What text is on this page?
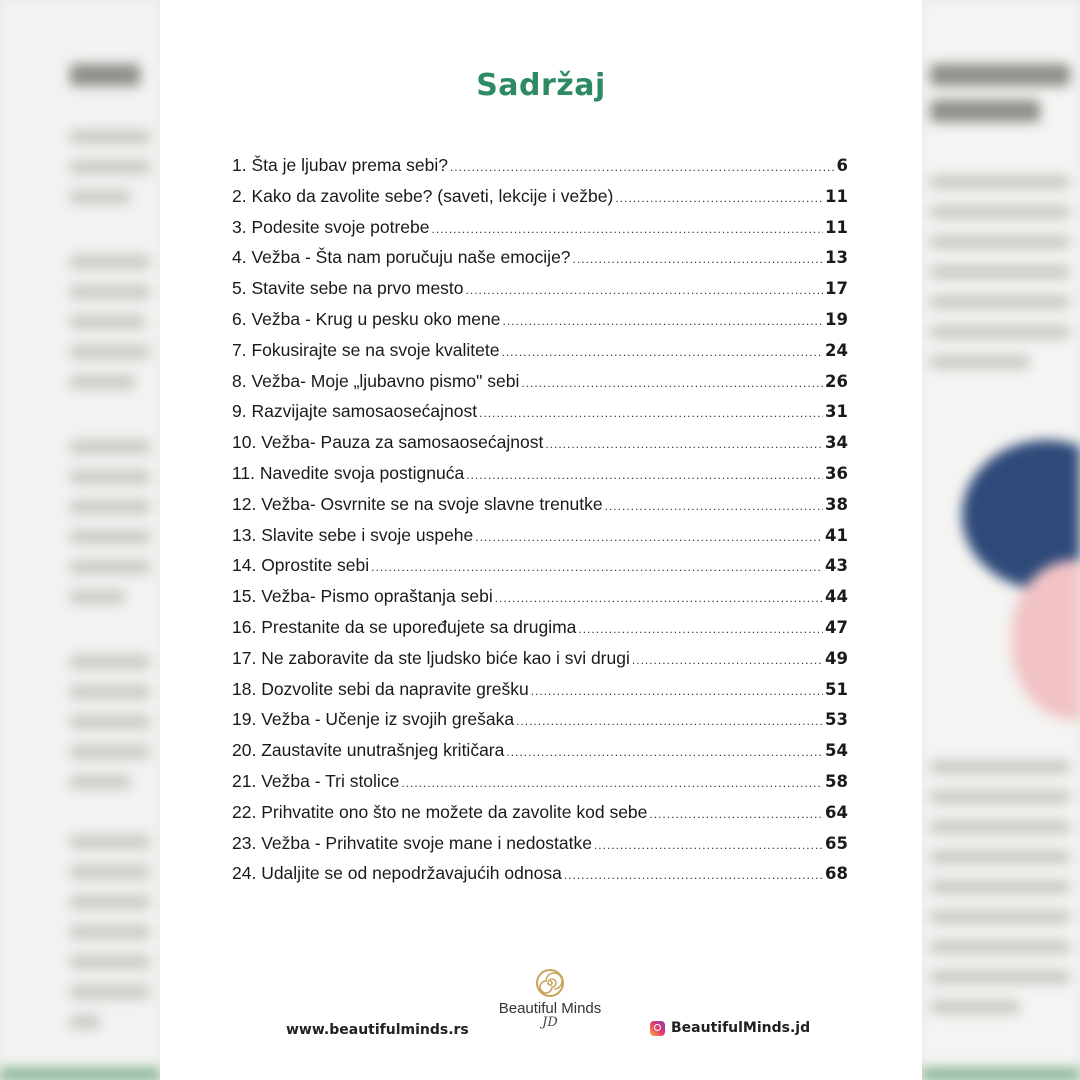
Sadržaj
1. Šta je ljubav prema sebi? .....	6
2. Kako da zavolite sebe? (saveti, lekcije i vežbe) .....	11
3. Podesite svoje potrebe .....	11
4. Vežba - Šta nam poručuju naše emocije? .....	13
5. Stavite sebe na prvo mesto .....	17
6. Vežba - Krug u pesku oko mene .....	19
7. Fokusirajte se na svoje kvalitete .....	24
8. Vežba- Moje „ljubavno pismo" sebi .....	26
9. Razvijajte samosaosećajnost .....	31
10. Vežba- Pauza za samosaosećajnost .....	34
11. Navedite svoja postignuća .....	36
12. Vežba- Osvrnite se na svoje slavne trenutke .....	38
13. Slavite sebe i svoje uspehe .....	41
14. Oprostite sebi .....	43
15. Vežba- Pismo opraštanja sebi .....	44
16. Prestanite da se upoređujete sa drugima .....	47
17. Ne zaboravite da ste ljudsko biće kao i svi drugi .....	49
18. Dozvolite sebi da napravite grešku .....	51
19. Vežba - Učenje iz svojih grešaka .....	53
20. Zaustavite unutrašnjeg kritičara .....	54
21. Vežba - Tri stolice .....	58
22. Prihvatite ono što ne možete da zavolite kod sebe .....	64
23. Vežba - Prihvatite svoje mane i nedostatke .....	65
24. Udaljite se od nepodržavajućih odnosa .....	68
www.beautifulminds.rs
Beautiful Minds
JD	BeautifulMinds.jd
